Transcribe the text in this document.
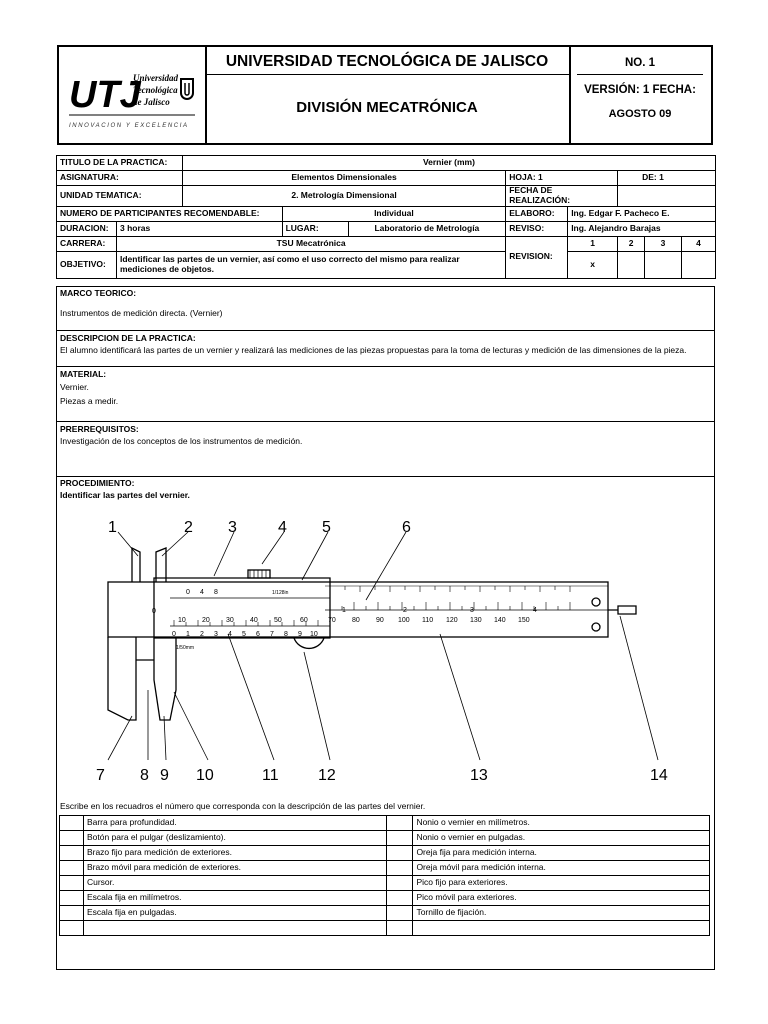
UTJ
Universidad
Tecnológica
de Jalisco
INNOVACION Y EXCELENCIA
UNIVERSIDAD TECNOLÓGICA DE JALISCO
DIVISIÓN MECATRÓNICA
NO. 1
VERSIÓN: 1 FECHA:
AGOSTO 09
TITULO DE LA PRACTICA:		Vernier (mm)							
ASIGNATURA:		Elementos Dimensionales			HOJA: 1		DE: 1		
UNIDAD TEMATICA:		2. Metrología Dimensional			FECHA DE REALIZACIÓN:				
NUMERO DE PARTICIPANTES RECOMENDABLE:			Individual		ELABORO:	Ing. Edgar F. Pacheco E.			
DURACION:	3 horas		LUGAR:	Laboratorio de Metrología	REVISO:	Ing. Alejandro Barajas			
CARRERA:	TSU Mecatrónica				REVISION:	1	2	3	4
OBJETIVO:	Identificar las partes de un vernier, así como el uso correcto del mismo para realizar mediciones de objetos.					x			
MARCO TEORICO:
Instrumentos de medición directa. (Vernier)
DESCRIPCION DE LA PRACTICA:
El alumno identificará las partes de un vernier y realizará las mediciones de las piezas propuestas para la toma de lecturas y medición de las dimensiones de la pieza.
MATERIAL:
Vernier.
Piezas a medir.
PRERREQUISITOS:
Investigación de los conceptos de los instrumentos de medición.
PROCEDIMIENTO:
Identificar las partes del vernier.
Escribe en los recuadros el número que corresponda con la descripción de las partes del vernier.
0 4 8	1/128in
1	2	3	4
0
10 20 30 40 50	60	70 80 90 100 110 120 130 140 150
0 1 2 3 4 5 6 7 8 9 10
1/50mm
1	2 3	4 5	6
7 8 9 10	11 12	13	14
	Barra para profundidad.		Nonio o vernier en milímetros.
	Botón para el pulgar (deslizamiento).		Nonio o vernier en pulgadas.
	Brazo fijo para medición de exteriores.		Oreja fija para medición interna.
	Brazo móvil para medición de exteriores.		Oreja móvil para medición interna.
	Cursor.		Pico fijo para exteriores.
	Escala fija en milímetros.		Pico móvil para exteriores.
	Escala fija en pulgadas.		Tornillo de fijación.
